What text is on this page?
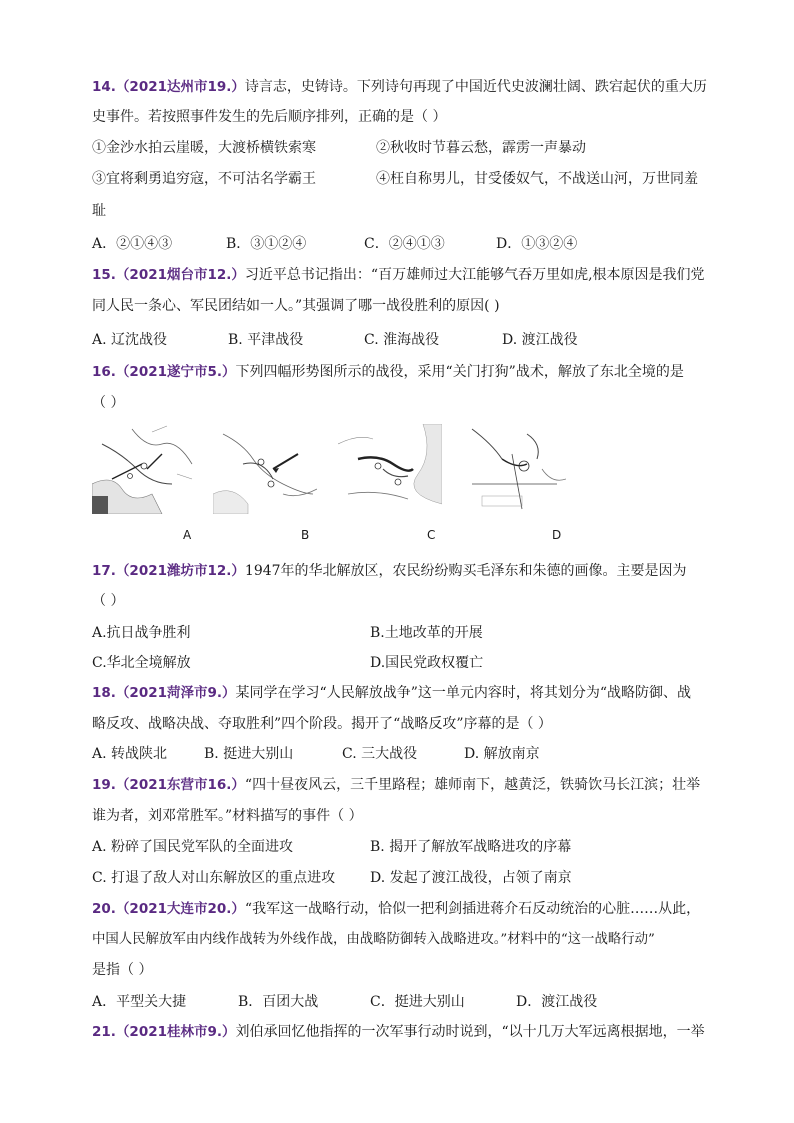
14.（2021达州市19.）诗言志，史铸诗。下列诗句再现了中国近代史波澜壮阔、跌宕起伏的重大历

史事件。若按照事件发生的先后顺序排列，正确的是（ ）

①金沙水拍云崖暖，大渡桥横铁索寒	②秋收时节暮云愁，霹雳一声暴动
③宜将剩勇追穷寇，不可沽名学霸王	④枉自称男儿，甘受倭奴气，不战送山河，万世同羞

耻

A．②①④③	B．③①②④	C．②④①③	D．①③②④

15.（2021烟台市12.）习近平总书记指出：“百万雄师过大江能够气吞万里如虎,根本原因是我们党

同人民一条心、军民团结如一人。”其强调了哪一战役胜利的原因( )

A. 辽沈战役	B. 平津战役	C. 淮海战役	D. 渡江战役

16.（2021遂宁市5.）下列四幅形势图所示的战役，采用“关门打狗”战术，解放了东北全境的是

（ ）

A	B	C	D

17.（2021潍坊市12.）1947年的华北解放区，农民纷纷购买毛泽东和朱德的画像。主要是因为

（ ）

A.抗日战争胜利	B.土地改革的开展
C.华北全境解放	D.国民党政权覆亡

18.（2021菏泽市9.）某同学在学习“人民解放战争”这一单元内容时，将其划分为“战略防御、战

略反攻、战略决战、夺取胜利”四个阶段。揭开了“战略反攻”序幕的是（ ）

A. 转战陕北	B. 挺进大别山	C. 三大战役	D. 解放南京

19.（2021东营市16.）“四十昼夜风云，三千里路程；雄师南下，越黄泛，铁骑饮马长江滨；壮举

谁为者，刘邓常胜军。”材料描写的事件（ ）

A. 粉碎了国民党军队的全面进攻	B. 揭开了解放军战略进攻的序幕
C. 打退了敌人对山东解放区的重点进攻 D. 发起了渡江战役，占领了南京

20.（2021大连市20.）“我军这一战略行动，恰似一把利剑插进蒋介石反动统治的心脏……从此，

中国人民解放军由内线作战转为外线作战，由战略防御转入战略进攻。”材料中的“这一战略行动”

是指（ ）

A．平型关大捷	B．百团大战	C．挺进大别山	D．渡江战役

21.（2021桂林市9.）刘伯承回忆他指挥的一次军事行动时说到，“以十几万大军远离根据地，一举
